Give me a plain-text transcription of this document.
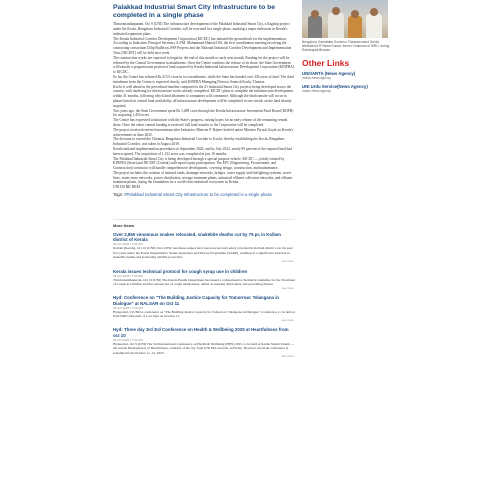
Palakkad Industrial Smart City Infrastructure to be completed in a single phase

Thiruvananthapuram, Oct 9 (UNI) The infrastructure development of the Palakkad Industrial Smart City, a flagship project under the Kochi–Bengaluru Industrial Corridor, will be executed in a single phase, marking a major milestone in Kerala's industrial expansion plans.

The Kerala Industrial Corridor Development Corporation (KICDC) has initiated the groundwork for the implementation.

According to Industries Principal Secretary A.P.M. Mohammed Hanish IAS, the first coordination meeting involving the contracting consortium Dilip Buildcon–PSP Projects and the National Industrial Corridor Development and Implementation Trust (NICDIT) will be held next week.

The construction works are expected to begin by the end of this month or early next month. Funding for the project will be released by the Central Government in instalments. Once the Centre confirms the release of its share, the State Government will transfer a proportionate portion of land acquired by Kerala Industrial Infrastructure Development Corporation (KINFRA) to KICDC.

So far, the Centre has released Rs 215.6 crore in two instalments, while the State has handed over 330 acres of land. The third instalment from the Centre is expected shortly, said KINFRA Managing Director Santosh Koshy Thomas.

Kochi is well ahead in the procedural timeline compared to the 21 Industrial Smart City projects being developed across the country, with tendering for infrastructure works already completed. KICDC plans to complete the infrastructure development within 41 months, following which land allotment to companies will commence. Although the land transfer will occur in phases based on central fund availability, all infrastructure development will be completed in one stretch on the land already acquired.

Two years ago, the State Government spent Rs 1,489 crore through the Kerala Infrastructure Investment Fund Board (KIIFB) for acquiring 1,450 acres.

The Centre has expressed satisfaction with the State's progress, raising hopes for an early release of the remaining central share. Once the entire central funding is received, full land transfer to the Corporation will be completed.

The project received renewed momentum after Industries Minister P. Rajeev briefed union Minister Piyush Goyal on Kerala's achievements in June 2025.

The decision to extend the Chennai–Bengaluru Industrial Corridor to Kochi, thereby establishing the Kochi–Bengaluru Industrial Corridor, was taken in August 2019.

Kerala initiated implementation procedures in September 2020, and by July 2022, nearly 85 percent of the required land had been acquired. The acquisition of 1,152 acres was completed in just 16 months.

The Palakkad Industrial Smart City is being developed through a special purpose vehicle, KICDC — jointly formed by KINFRA (State) and NICDIT (Central) with equal equity participation. The EPC (Engineering, Procurement, and Construction) contractor will handle comprehensive development, covering design, construction, and maintenance.

The project includes the creation of internal roads, drainage networks, bridges, water supply and firefighting systems, sewer lines, water reuse networks, power distribution, sewage treatment plants, industrial effluent collection networks, and effluent treatment plants, laying the foundation for a world-class industrial ecosystem in Kerala.

UNI DS RK RKM

Tags: #Palakkad Industrial Smart City Infrastructure to be completed in a single phase
More News
Over 2,850 venomous snakes relocated, snakebite deaths cut by 75 pc in Kollam district of Kerala
09 Oct 2025 | 9:56 AM
Kollam (Kerala), Oct 10 (UNI) Over 2,850 venomous snakes have been rescued and safely relocated in Kollam district over the past five years under the Forest Department's 'Snake Awareness and Rescue Programme' (SARP), resulting in a significant reduction in snakebite deaths and promoting wildlife protection.
see more..
Kerala issues technical protocol for cough syrup use in children
09 Oct 2025 | 7:55 AM
Thiruvananthapuram, Oct 10 (UNI) The Kerala Health Department has issued a comprehensive Technical Guideline for the Treatment of Cough in Children and the rational use of cough medications, aimed at ensuring child safety and preventing misuse.
see more..
Hyd: Conference on "The Building Justice Capacity for Tomorrow: Telangana in Dialogue" at NALSAR on Oct 11
09 Oct 2025 | 7:45 AM
Hyderabad, 9 (UNI) A conference on "The Building Justice Capacity for Tomorrow: Telangana in Dialogue" Conference, to be held at NALSAR University of Law here on October 11.
see more..
Hyd: Three day 3rd 3rd Conference on Health & Wellbeing 2025 at Heartfulness from oct 10
09 Oct 2025 | 7:35 AM
Hyderabad, Oct 9 (UNI) The 3rd International Conference on Health & Wellbeing (IHW) 2025, to be held at Kanha Shanti Vanam — the Global Headquarters of Heartfulness, outskirts of the city from 6:30 PM onwards on Friday. However, the main conference is scheduled from October 11–12, 2025.
see more..
Bengaluru: Karnataka Governor Thaawarchand Gehlot felicitated A R Rama Kumar, former Chairman of ISRO, during Rashtrapati Bhavan...
Other Links
UNIVARTA (News Agency)
Indian News Agency
UNI Urdu Service(News Agency)
Indian News Agency
